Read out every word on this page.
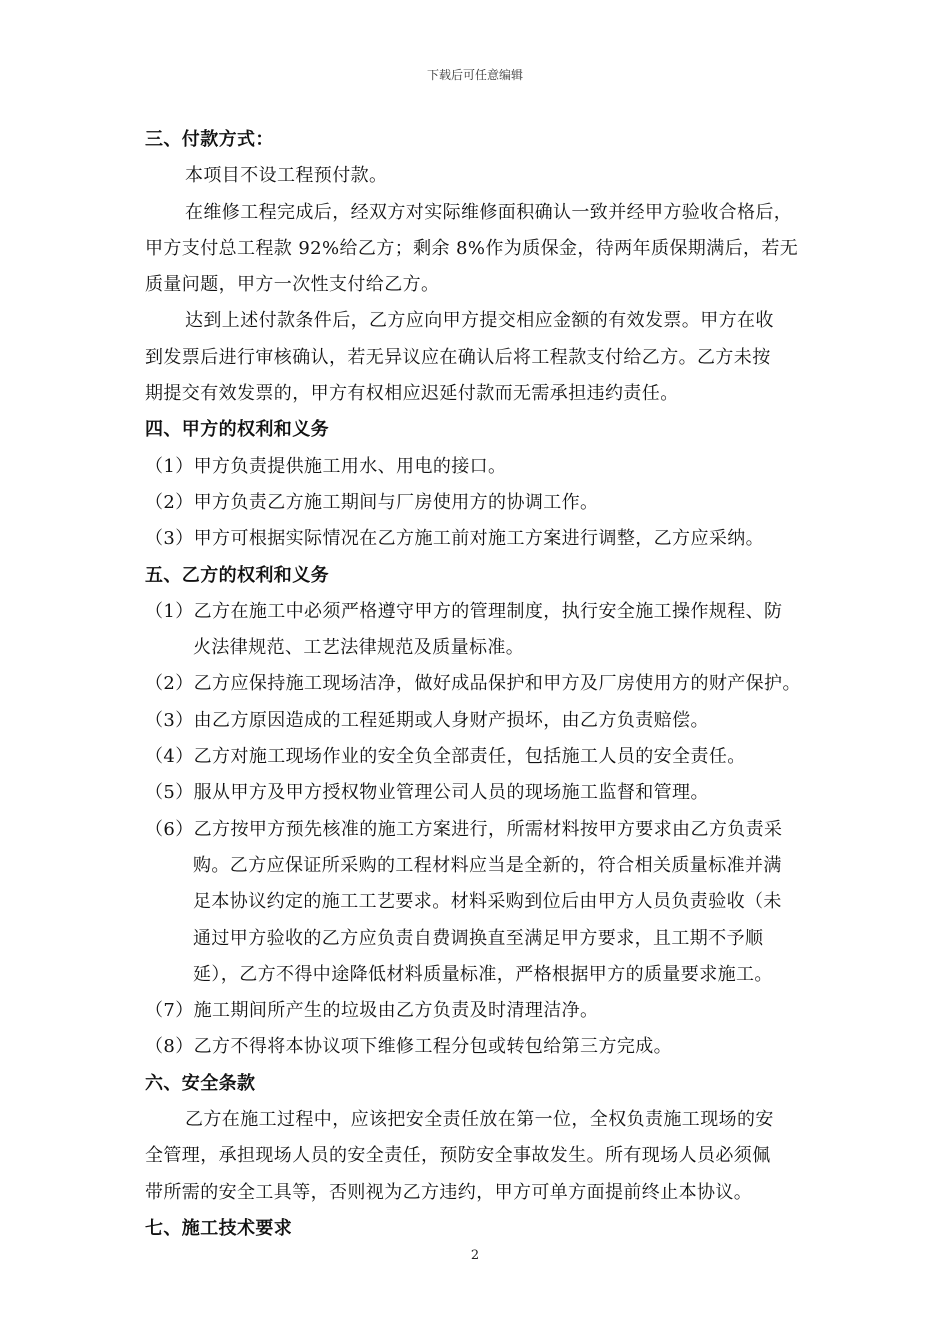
下载后可任意编辑
三、付款方式：
本项目不设工程预付款。
在维修工程完成后，经双方对实际维修面积确认一致并经甲方验收合格后，
甲方支付总工程款 92%给乙方；剩余 8%作为质保金，待两年质保期满后，若无
质量问题，甲方一次性支付给乙方。
达到上述付款条件后，乙方应向甲方提交相应金额的有效发票。甲方在收
到发票后进行审核确认，若无异议应在确认后将工程款支付给乙方。乙方未按
期提交有效发票的，甲方有权相应迟延付款而无需承担违约责任。
四、甲方的权利和义务
（1）甲方负责提供施工用水、用电的接口。
（2）甲方负责乙方施工期间与厂房使用方的协调工作。
（3）甲方可根据实际情况在乙方施工前对施工方案进行调整，乙方应采纳。
五、乙方的权利和义务
（1）乙方在施工中必须严格遵守甲方的管理制度，执行安全施工操作规程、防
火法律规范、工艺法律规范及质量标准。
（2）乙方应保持施工现场洁净，做好成品保护和甲方及厂房使用方的财产保护。
（3）由乙方原因造成的工程延期或人身财产损坏，由乙方负责赔偿。
（4）乙方对施工现场作业的安全负全部责任，包括施工人员的安全责任。
（5）服从甲方及甲方授权物业管理公司人员的现场施工监督和管理。
（6）乙方按甲方预先核准的施工方案进行，所需材料按甲方要求由乙方负责采
购。乙方应保证所采购的工程材料应当是全新的，符合相关质量标准并满
足本协议约定的施工工艺要求。材料采购到位后由甲方人员负责验收（未
通过甲方验收的乙方应负责自费调换直至满足甲方要求，且工期不予顺
延），乙方不得中途降低材料质量标准，严格根据甲方的质量要求施工。
（7）施工期间所产生的垃圾由乙方负责及时清理洁净。
（8）乙方不得将本协议项下维修工程分包或转包给第三方完成。
六、安全条款
乙方在施工过程中，应该把安全责任放在第一位，全权负责施工现场的安
全管理，承担现场人员的安全责任，预防安全事故发生。所有现场人员必须佩
带所需的安全工具等，否则视为乙方违约，甲方可单方面提前终止本协议。
七、施工技术要求
2
